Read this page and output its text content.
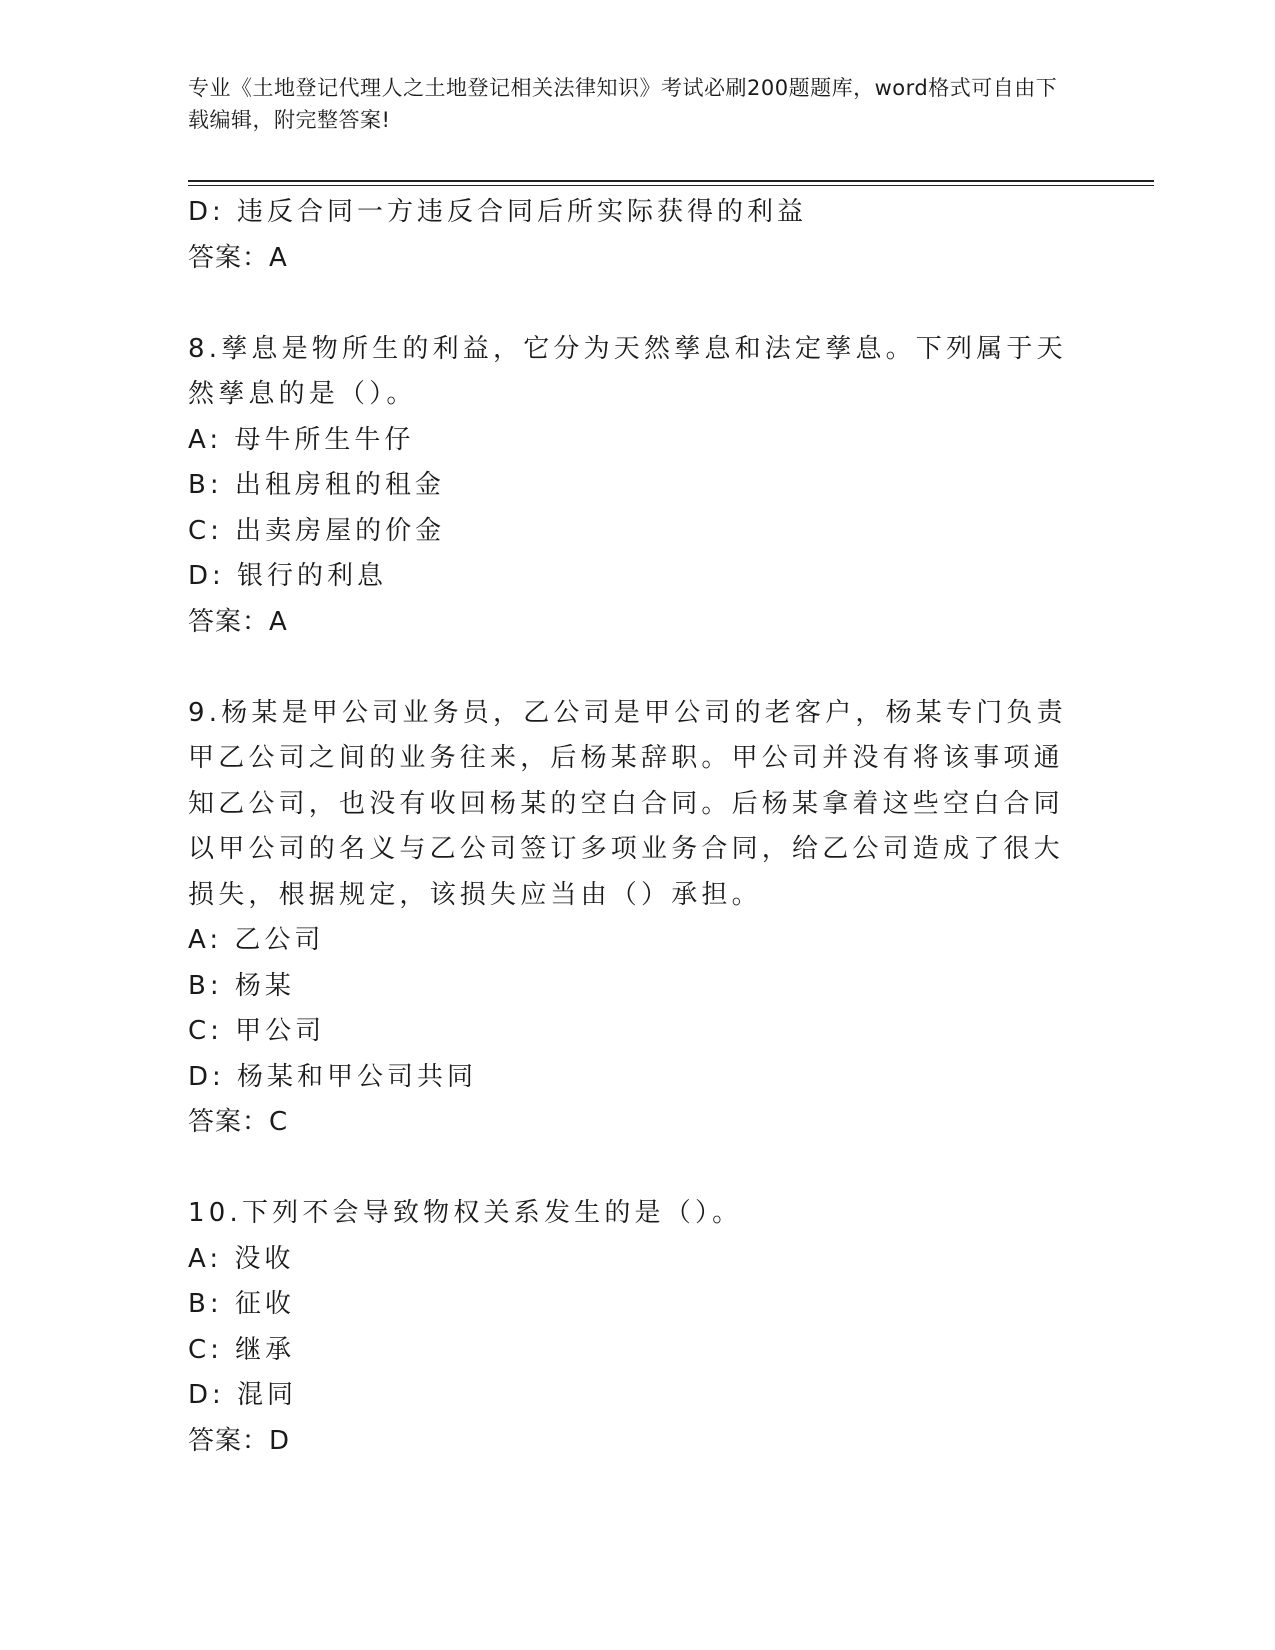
专业《土地登记代理人之土地登记相关法律知识》考试必刷200题题库，word格式可自由下载编辑，附完整答案!
D: 违反合同一方违反合同后所实际获得的利益
答案：A
8.孳息是物所生的利益，它分为天然孳息和法定孳息。下列属于天然孳息的是（）。
A: 母牛所生牛仔
B: 出租房租的租金
C: 出卖房屋的价金
D: 银行的利息
答案：A
9.杨某是甲公司业务员，乙公司是甲公司的老客户，杨某专门负责甲乙公司之间的业务往来，后杨某辞职。甲公司并没有将该事项通知乙公司，也没有收回杨某的空白合同。后杨某拿着这些空白合同以甲公司的名义与乙公司签订多项业务合同，给乙公司造成了很大损失，根据规定，该损失应当由（）承担。
A: 乙公司
B: 杨某
C: 甲公司
D: 杨某和甲公司共同
答案：C
10.下列不会导致物权关系发生的是（）。
A: 没收
B: 征收
C: 继承
D: 混同
答案：D
